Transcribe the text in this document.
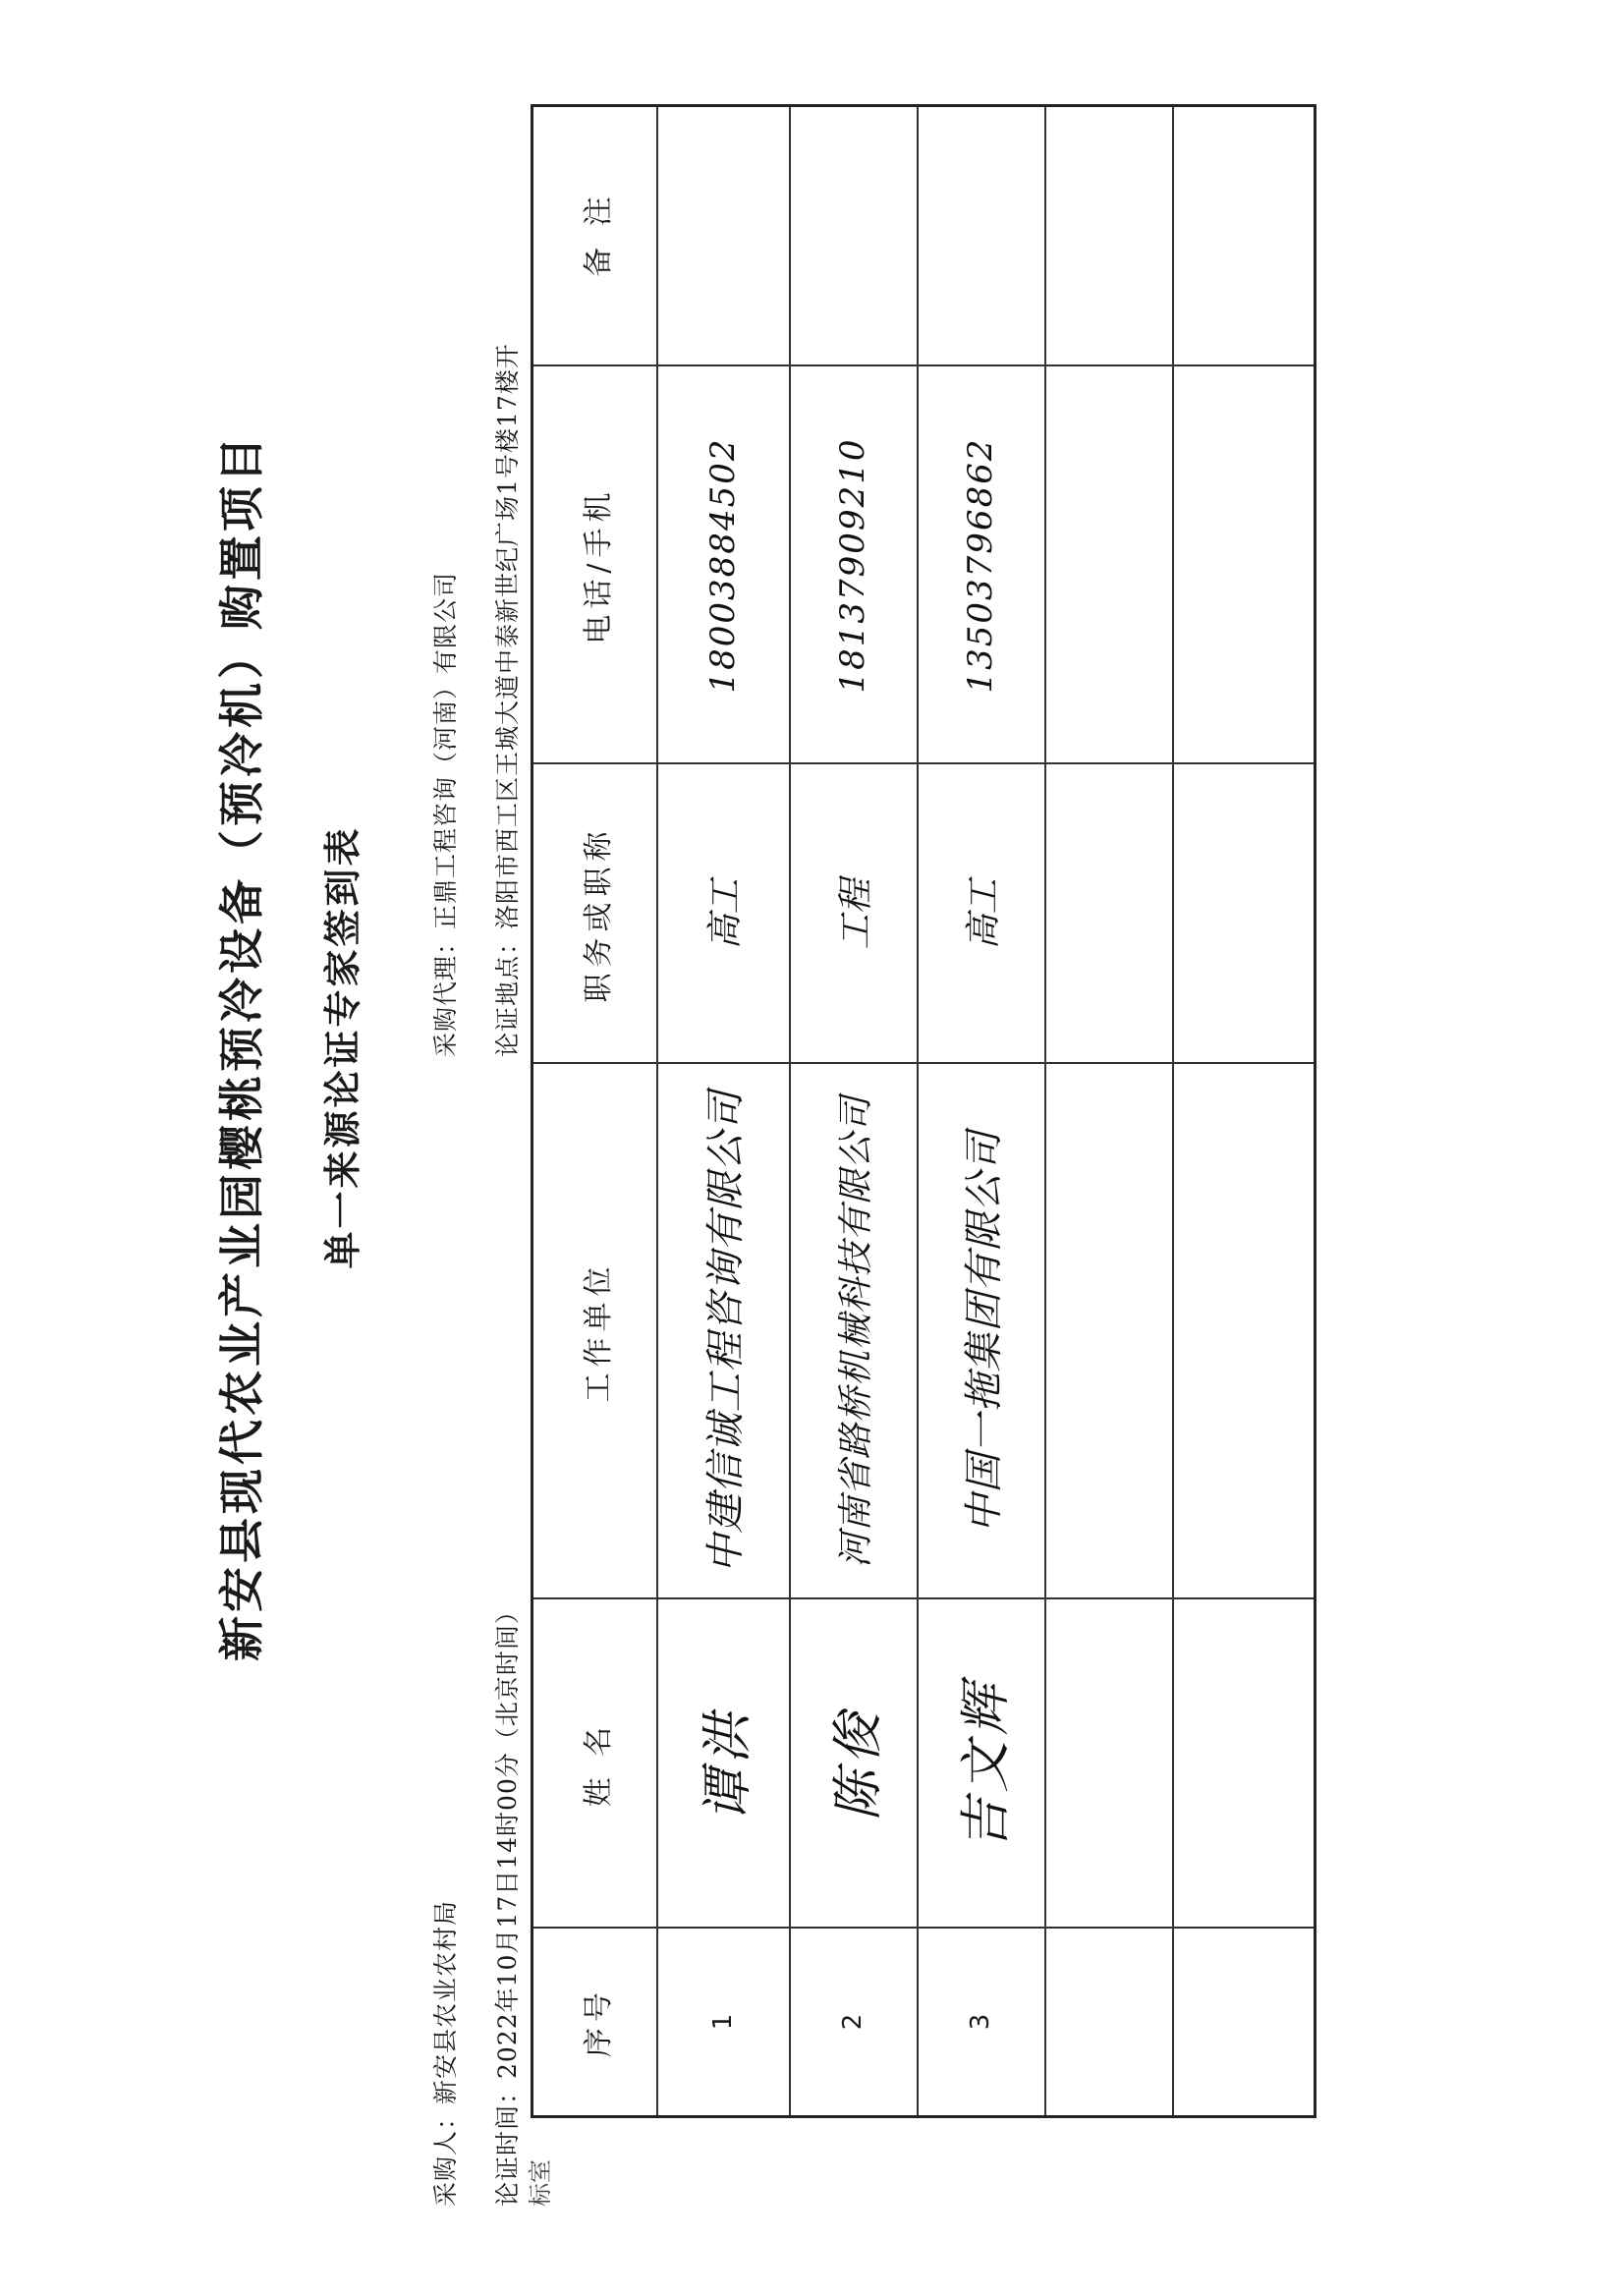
新安县现代农业产业园樱桃预冷设备（预冷机）购置项目 单一来源论证专家签到表
采购人：新安县农业农村局
采购代理：正鼎工程咨询（河南）有限公司
论证时间：2022年10月17日14时00分（北京时间）
论证地点：洛阳市西工区王城大道中泰新世纪广场1号楼17楼开
标室
序号
姓 名
工作单位
职务或职称
电话/手机
备 注
1
谭洪
中建信诚工程咨询有限公司
高工
18003884502
2
陈俊
河南省路桥机械科技有限公司
工程
18137909210
3
吉文辉
中国一拖集团有限公司
高工
13503796862
